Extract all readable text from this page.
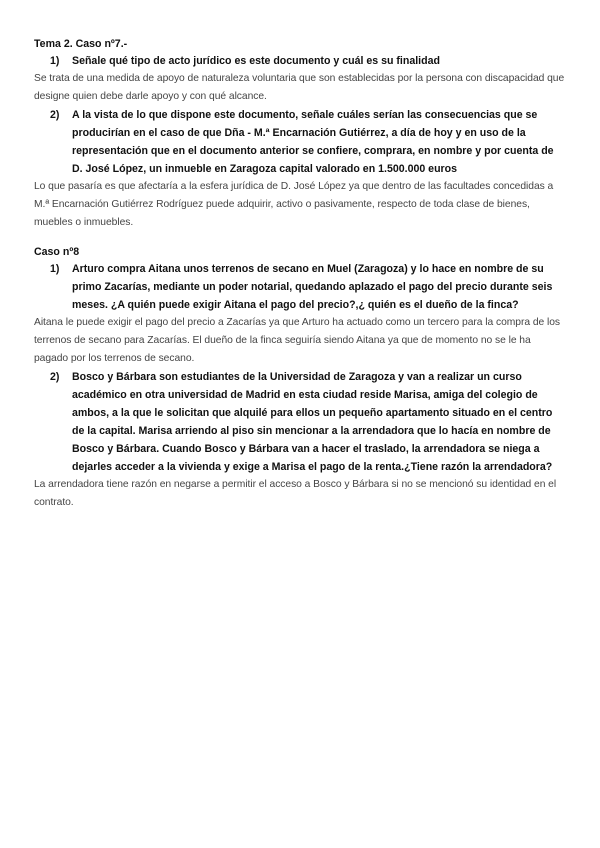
Tema 2. Caso nº7.-

1) Señale qué tipo de acto jurídico es este documento y cuál es su finalidad

Se trata de una medida de apoyo de naturaleza voluntaria que son establecidas por la persona con discapacidad que designe quien debe darle apoyo y con qué alcance.

2) A la vista de lo que dispone este documento, señale cuáles serían las consecuencias que se producirían en el caso de que Dña - M.ª Encarnación Gutiérrez, a día de hoy y en uso de la representación que en el documento anterior se confiere, comprara, en nombre y por cuenta de D. José López, un inmueble en Zaragoza capital valorado en 1.500.000 euros

Lo que pasaría es que afectaría a la esfera jurídica de D. José López ya que dentro de las facultades concedidas a M.ª Encarnación Gutiérrez Rodríguez puede adquirir, activo o pasivamente, respecto de toda clase de bienes, muebles o inmuebles.

Caso nº8

1) Arturo compra Aitana unos terrenos de secano en Muel (Zaragoza) y lo hace en nombre de su primo Zacarías, mediante un poder notarial, quedando aplazado el pago del precio durante seis meses. ¿A quién puede exigir Aitana el pago del precio?,¿ quién es el dueño de la finca?

Aitana le puede exigir el pago del precio a Zacarías ya que Arturo ha actuado como un tercero para la compra de los terrenos de secano para Zacarías. El dueño de la finca seguiría siendo Aitana ya que de momento no se le ha pagado por los terrenos de secano.

2) Bosco y Bárbara son estudiantes de la Universidad de Zaragoza y van a realizar un curso académico en otra universidad de Madrid en esta ciudad reside Marisa, amiga del colegio de ambos, a la que le solicitan que alquilé para ellos un pequeño apartamento situado en el centro de la capital. Marisa arriendo al piso sin mencionar a la arrendadora que lo hacía en nombre de Bosco y Bárbara. Cuando Bosco y Bárbara van a hacer el traslado, la arrendadora se niega a dejarles acceder a la vivienda y exige a Marisa el pago de la renta.¿Tiene razón la arrendadora?

La arrendadora tiene razón en negarse a permitir el acceso a Bosco y Bárbara si no se mencionó su identidad en el contrato.
